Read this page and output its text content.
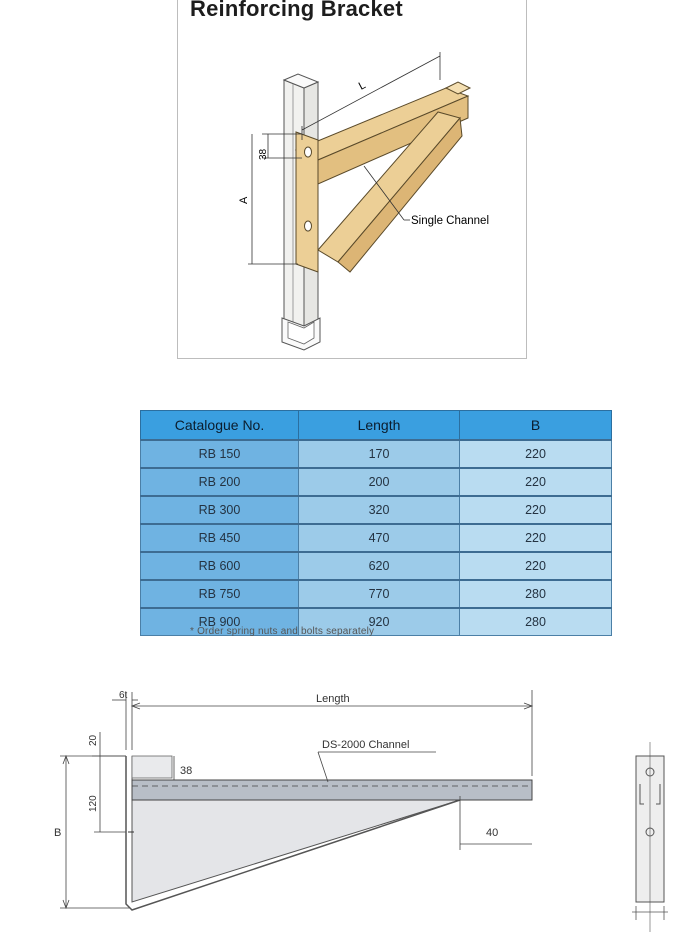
L
38
A
Single Channel
Reinforcing Bracket
Catalogue No.	Length	B
RB 150	170	220
RB 200	200	220
RB 300	320	220
RB 450	470	220
RB 600	620	220
RB 750	770	280
RB 900	920	280
* Order spring nuts and bolts separately
6t	Length
20
120
B
38
DS-2000 Channel
40
